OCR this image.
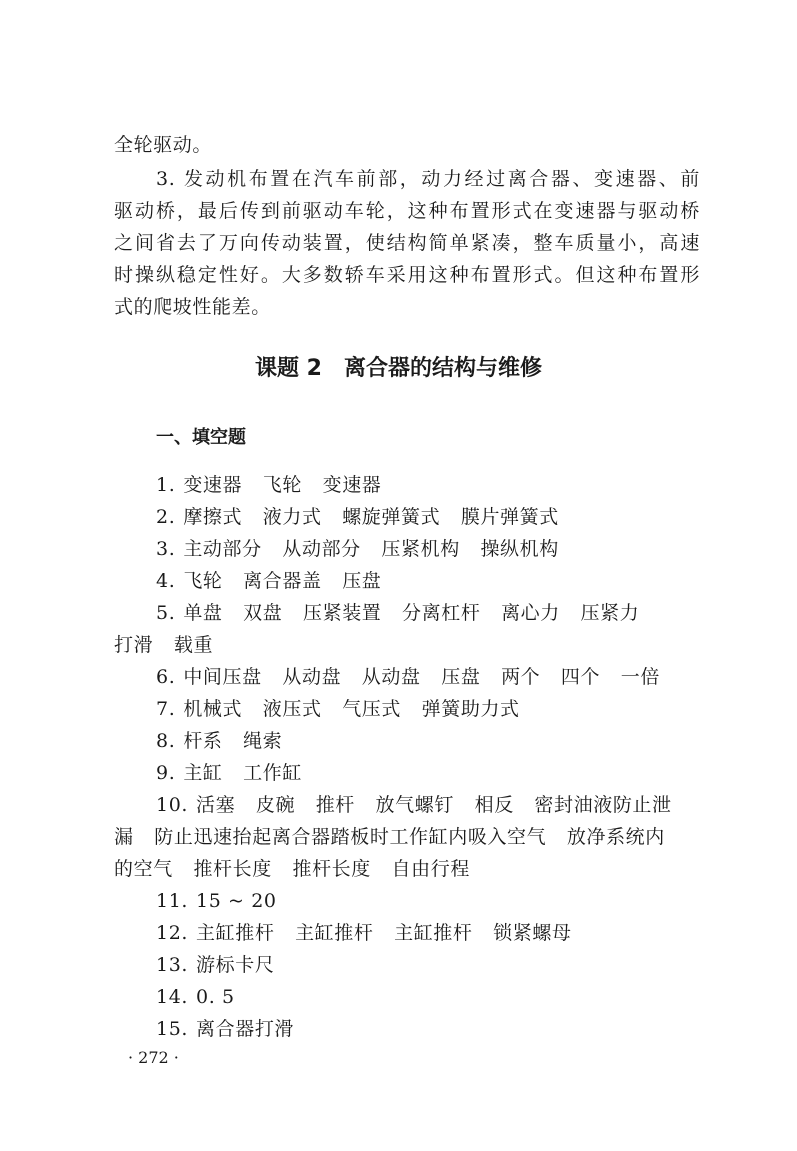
全轮驱动。
3. 发动机布置在汽车前部，动力经过离合器、变速器、前
驱动桥，最后传到前驱动车轮，这种布置形式在变速器与驱动桥
之间省去了万向传动装置，使结构简单紧凑，整车质量小，高速
时操纵稳定性好。大多数轿车采用这种布置形式。但这种布置形
式的爬坡性能差。
课题 2 离合器的结构与维修
一、填空题
1. 变速器 飞轮 变速器
2. 摩擦式 液力式 螺旋弹簧式 膜片弹簧式
3. 主动部分 从动部分 压紧机构 操纵机构
4. 飞轮 离合器盖 压盘
5. 单盘 双盘 压紧装置 分离杠杆 离心力 压紧力
打滑 载重
6. 中间压盘 从动盘 从动盘 压盘 两个 四个 一倍
7. 机械式 液压式 气压式 弹簧助力式
8. 杆系 绳索
9. 主缸 工作缸
10. 活塞 皮碗 推杆 放气螺钉 相反 密封油液防止泄
漏 防止迅速抬起离合器踏板时工作缸内吸入空气 放净系统内
的空气 推杆长度 推杆长度 自由行程
11. 15 ~ 20
12. 主缸推杆 主缸推杆 主缸推杆 锁紧螺母
13. 游标卡尺
14. 0. 5
15. 离合器打滑
· 272 ·
